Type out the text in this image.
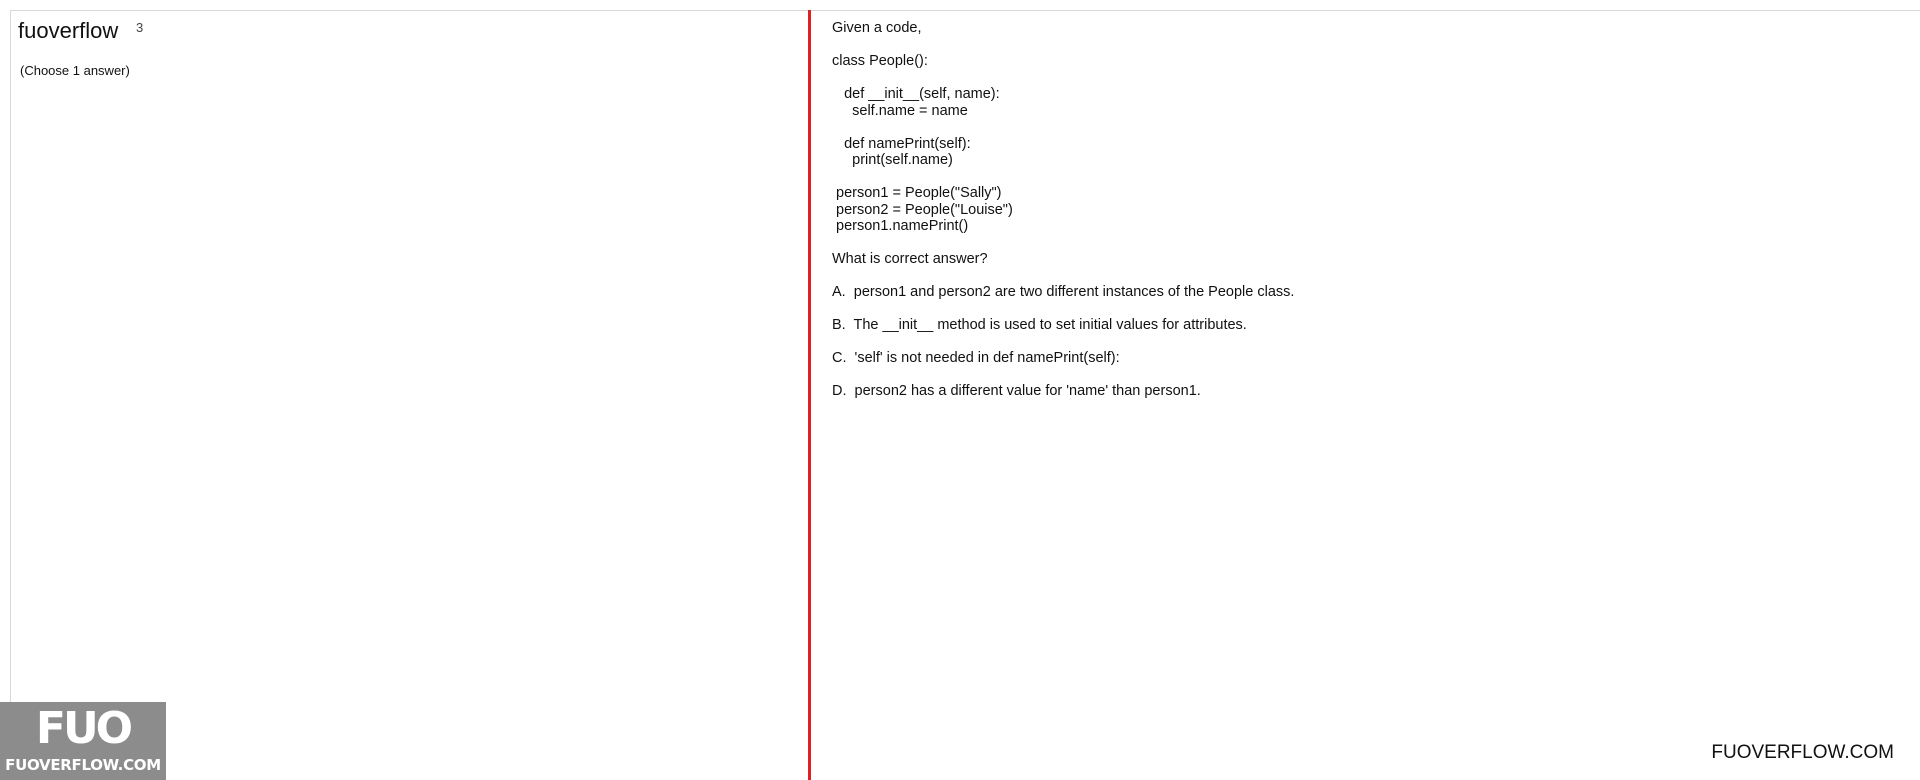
3
fuoverflow
(Choose 1 answer)

Given a code,

class People():

def __init__(self, name):

self.name = name

def namePrint(self):

print(self.name)

person1 = People("Sally")

person2 = People("Louise")

person1.namePrint()

What is correct answer?

A.  person1 and person2 are two different instances of the People class.

B.  The __init__ method is used to set initial values for attributes.

C.  'self' is not needed in def namePrint(self):

D.  person2 has a different value for 'name' than person1.

FUO
FUOVERFLOW.COM
FUOVERFLOW.COM
